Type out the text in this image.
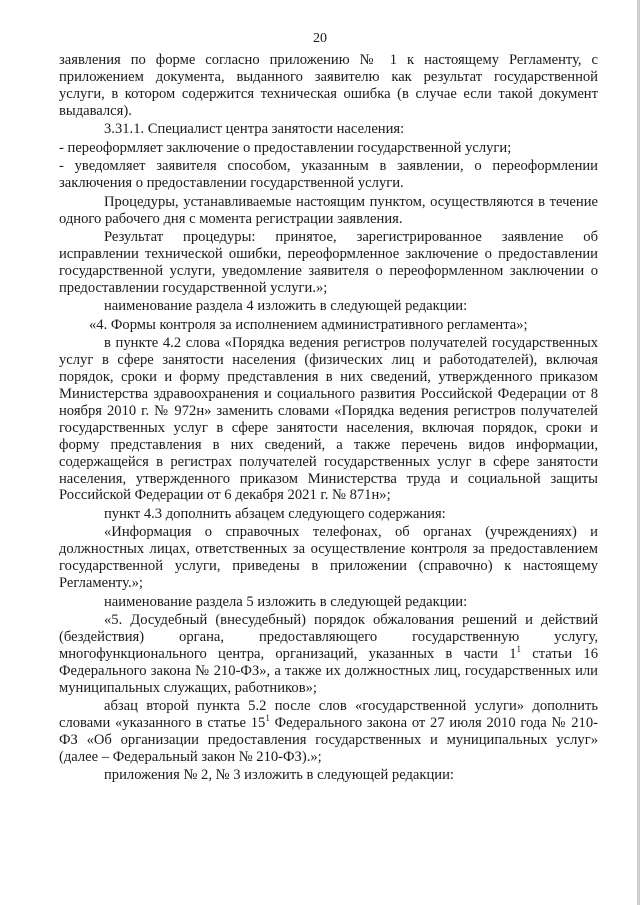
20

заявления по форме согласно приложению № 1 к настоящему Регламенту, с приложением документа, выданного заявителю как результат государственной услуги, в котором содержится техническая ошибка (в случае если такой документ выдавался).

3.31.1. Специалист центра занятости населения:

- переоформляет заключение о предоставлении государственной услуги;

- уведомляет заявителя способом, указанным в заявлении, о переоформлении заключения о предоставлении государственной услуги.

Процедуры, устанавливаемые настоящим пунктом, осуществляются в течение одного рабочего дня с момента регистрации заявления.

Результат процедуры: принятое, зарегистрированное заявление об исправлении технической ошибки, переоформленное заключение о предоставлении государственной услуги, уведомление заявителя о переоформленном заключении о предоставлении государственной услуги.»;

наименование раздела 4 изложить в следующей редакции:

«4. Формы контроля за исполнением административного регламента»;

в пункте 4.2 слова «Порядка ведения регистров получателей государственных услуг в сфере занятости населения (физических лиц и работодателей), включая порядок, сроки и форму представления в них сведений, утвержденного приказом Министерства здравоохранения и социального развития Российской Федерации от 8 ноября 2010 г. № 972н» заменить словами «Порядка ведения регистров получателей государственных услуг в сфере занятости населения, включая порядок, сроки и форму представления в них сведений, а также перечень видов информации, содержащейся в регистрах получателей государственных услуг в сфере занятости населения, утвержденного приказом Министерства труда и социальной защиты Российской Федерации от 6 декабря 2021 г. № 871н»;

пункт 4.3 дополнить абзацем следующего содержания:

«Информация о справочных телефонах, об органах (учреждениях) и должностных лицах, ответственных за осуществление контроля за предоставлением государственной услуги, приведены в приложении (справочно) к настоящему Регламенту.»;

наименование раздела 5 изложить в следующей редакции:

«5. Досудебный (внесудебный) порядок обжалования решений и действий (бездействия) органа, предоставляющего государственную услугу, многофункционального центра, организаций, указанных в части $1^1$ статьи 16 Федерального закона № 210-ФЗ», а также их должностных лиц, государственных или муниципальных служащих, работников»;

абзац второй пункта 5.2 после слов «государственной услуги» дополнить словами «указанного в статье $15^1$ Федерального закона от 27 июля 2010 года № 210-ФЗ «Об организации предоставления государственных и муниципальных услуг» (далее – Федеральный закон № 210-ФЗ).»;

приложения № 2, № 3 изложить в следующей редакции:
